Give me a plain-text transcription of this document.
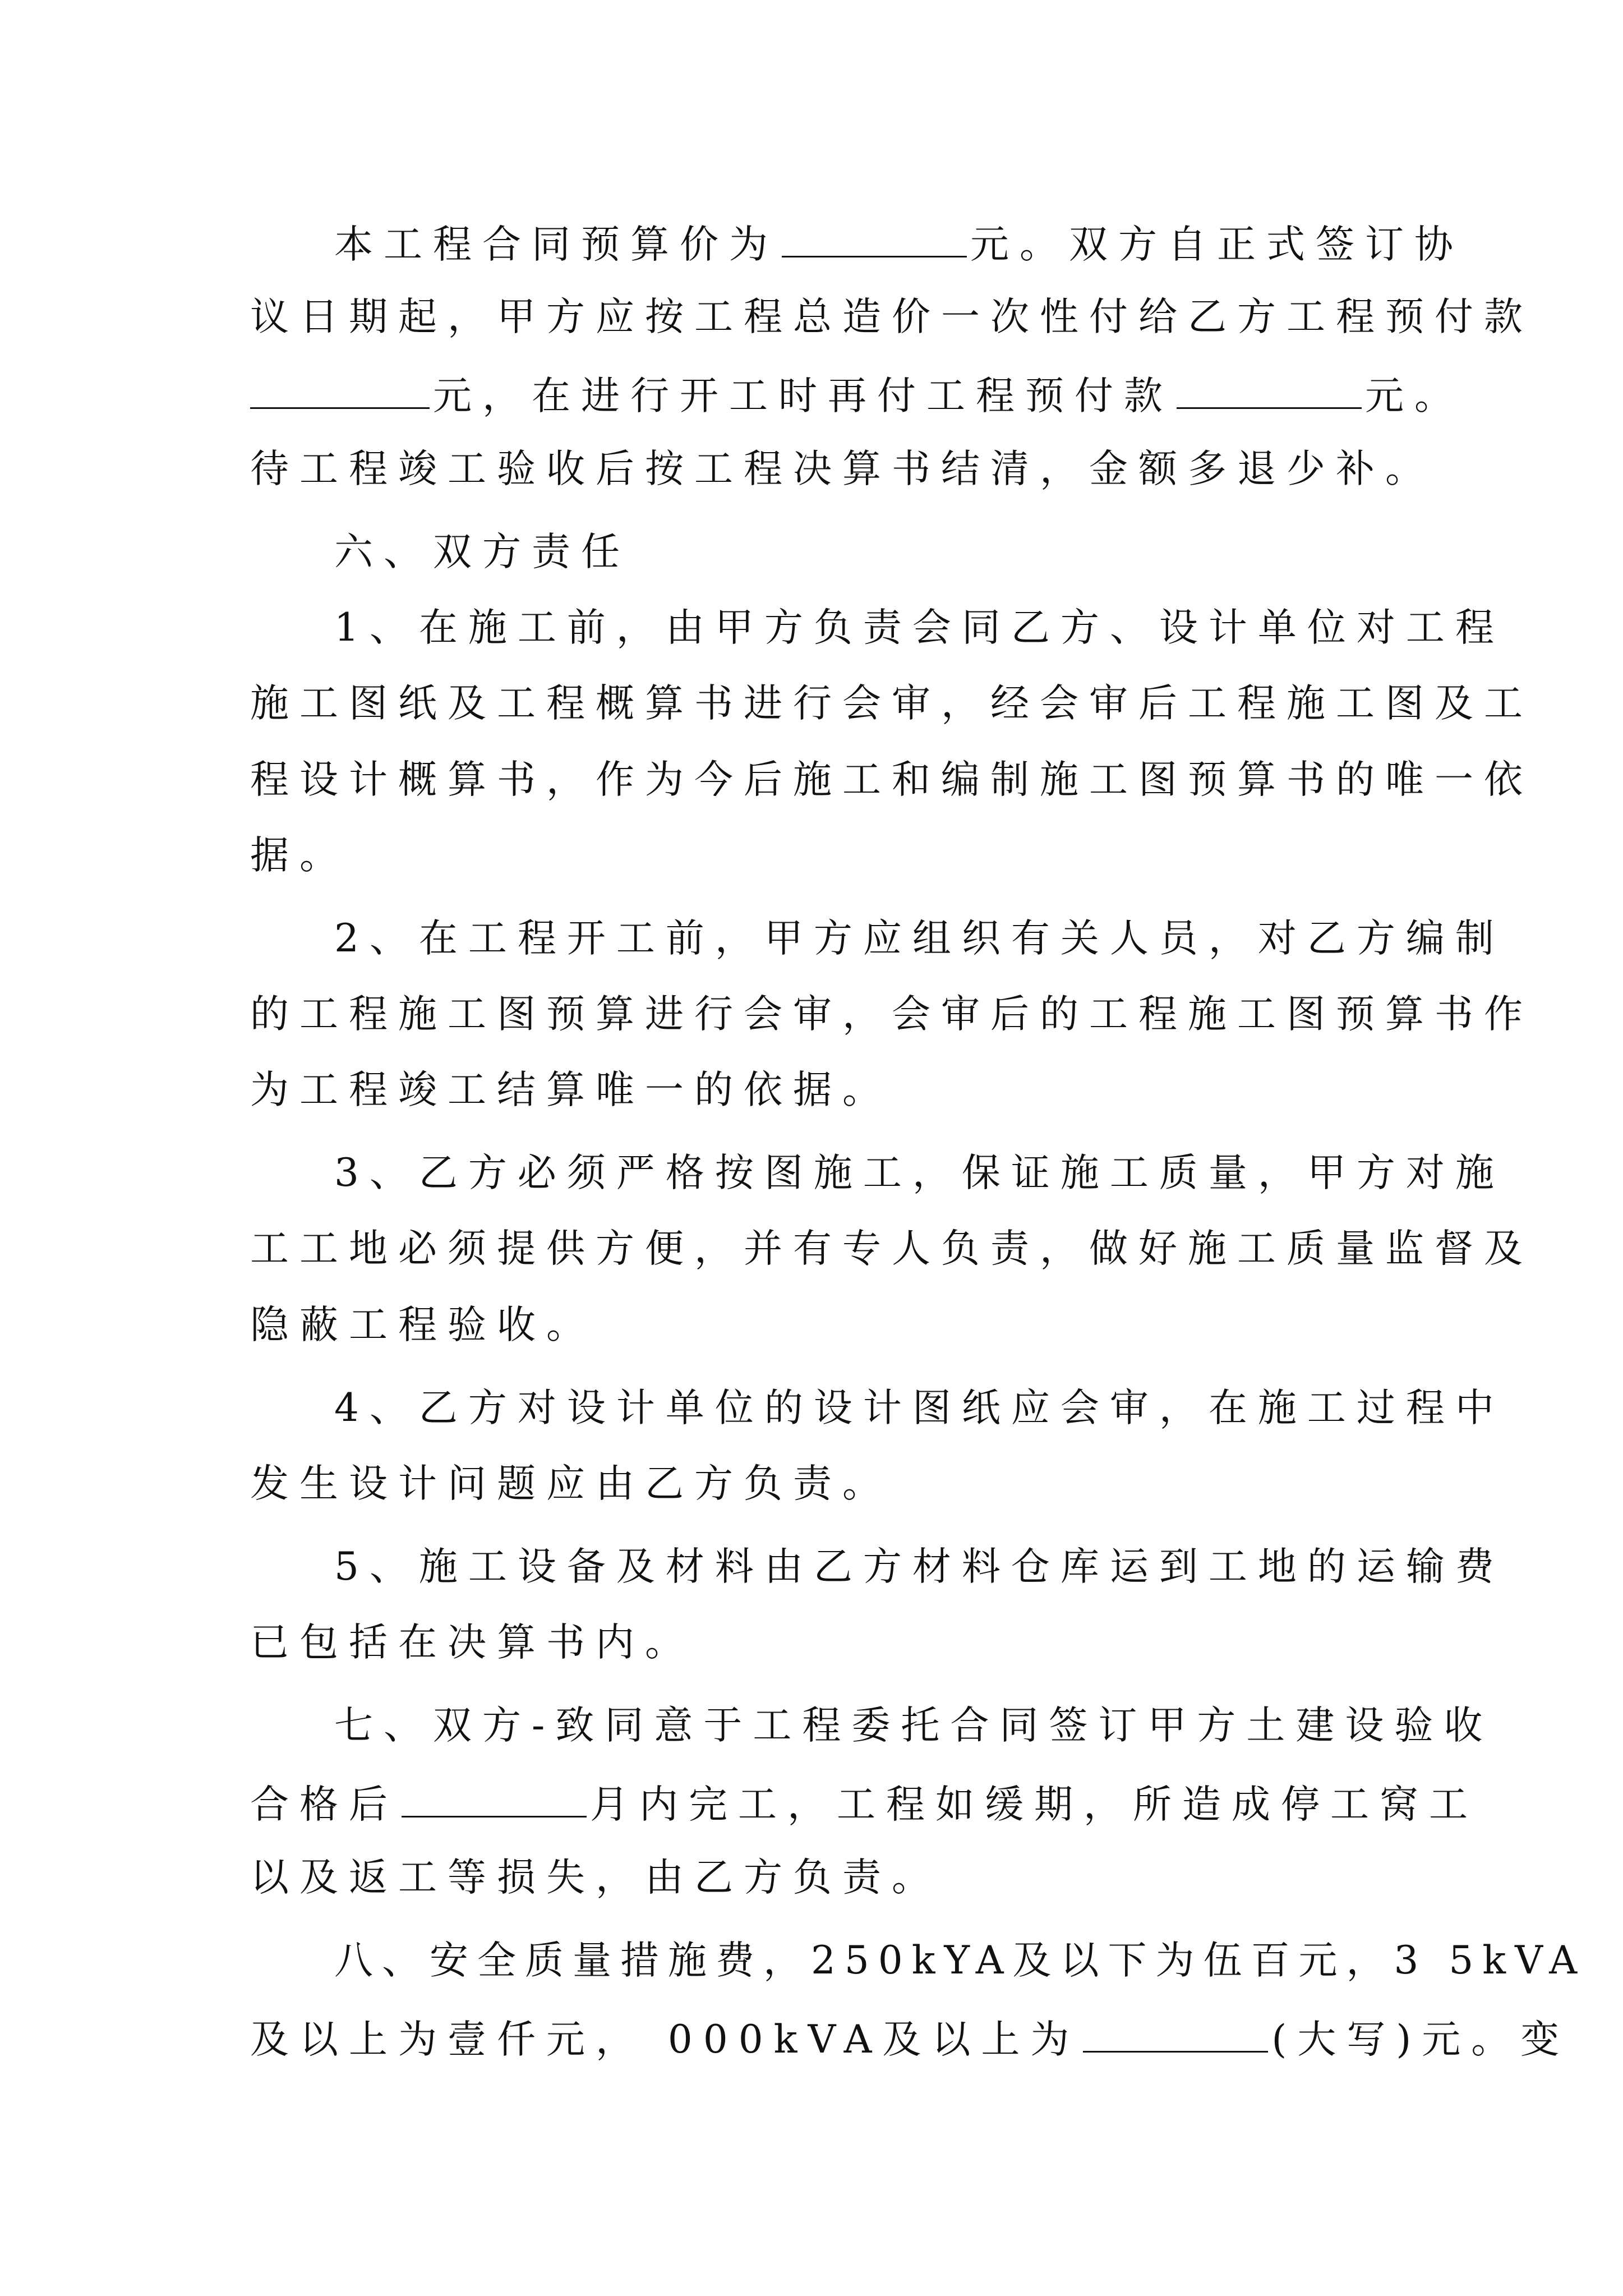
本工程合同预算价为	元。双方自正式签订协
议日期起，甲方应按工程总造价一次性付给乙方工程预付款
元，在进行开工时再付工程预付款	元。
待工程竣工验收后按工程决算书结清，金额多退少补。
六、双方责任
1、在施工前，由甲方负责会同乙方、设计单位对工程
施工图纸及工程概算书进行会审，经会审后工程施工图及工
程设计概算书，作为今后施工和编制施工图预算书的唯一依
据。
2、在工程开工前，甲方应组织有关人员，对乙方编制
的工程施工图预算进行会审，会审后的工程施工图预算书作
为工程竣工结算唯一的依据。
3、乙方必须严格按图施工，保证施工质量，甲方对施
工工地必须提供方便，并有专人负责，做好施工质量监督及
隐蔽工程验收。
4、乙方对设计单位的设计图纸应会审，在施工过程中
发生设计问题应由乙方负责。
5、施工设备及材料由乙方材料仓库运到工地的运输费
已包括在决算书内。
七、双方-致同意于工程委托合同签订甲方土建设验收
合格后	月内完工，工程如缓期，所造成停工窝工
以及返工等损失，由乙方负责。
八、安全质量措施费，250kYA及以下为伍百元，3 5kVA
及以上为壹仟元， 000kVA及以上为	(大写)元。变
